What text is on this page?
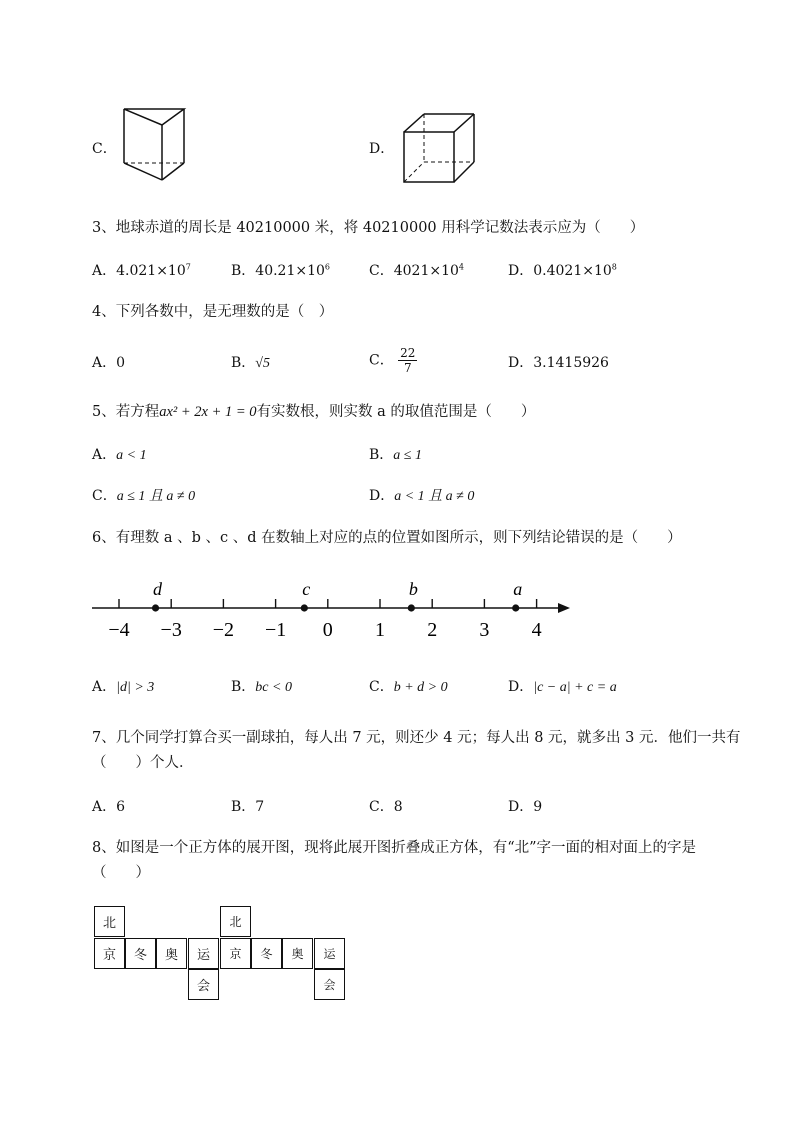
C．	D．
3、地球赤道的周长是 40210000 米，将 40210000 用科学记数法表示应为（　　）
A．$4.021\times 10^7$	B．$40.21\times 10^6$	C．$4021\times 10^4$	D．$0.4021\times 10^8$
4、下列各数中，是无理数的是（　）
A．0	B．√5	C． $\frac{22}{7}$	D．3.1415926
5、若方程ax² + 2x + 1 = 0有实数根，则实数 a 的取值范围是（　　）
A．a < 1	B．a ≤ 1
C．a ≤ 1 且 a ≠ 0	D．a < 1 且 a ≠ 0
6、有理数 a 、b 、c 、d 在数轴上对应的点的位置如图所示，则下列结论错误的是（　　）
−4 −3 −2 −1 0 1 2 3 4
d	c	b	a
A．|d| > 3	B．bc < 0	C．b + d > 0	D．|c − a| + c = a
7、几个同学打算合买一副球拍，每人出 7 元，则还少 4 元；每人出 8 元，就多出 3 元．他们一共有
（　　）个人．
A．6	B．7	C．8	D．9
8、如图是一个正方体的展开图，现将此展开图折叠成正方体，有“北”字一面的相对面上的字是
（　　）
北
京	冬	奥	运
会
北
京	冬	奥	运
会
